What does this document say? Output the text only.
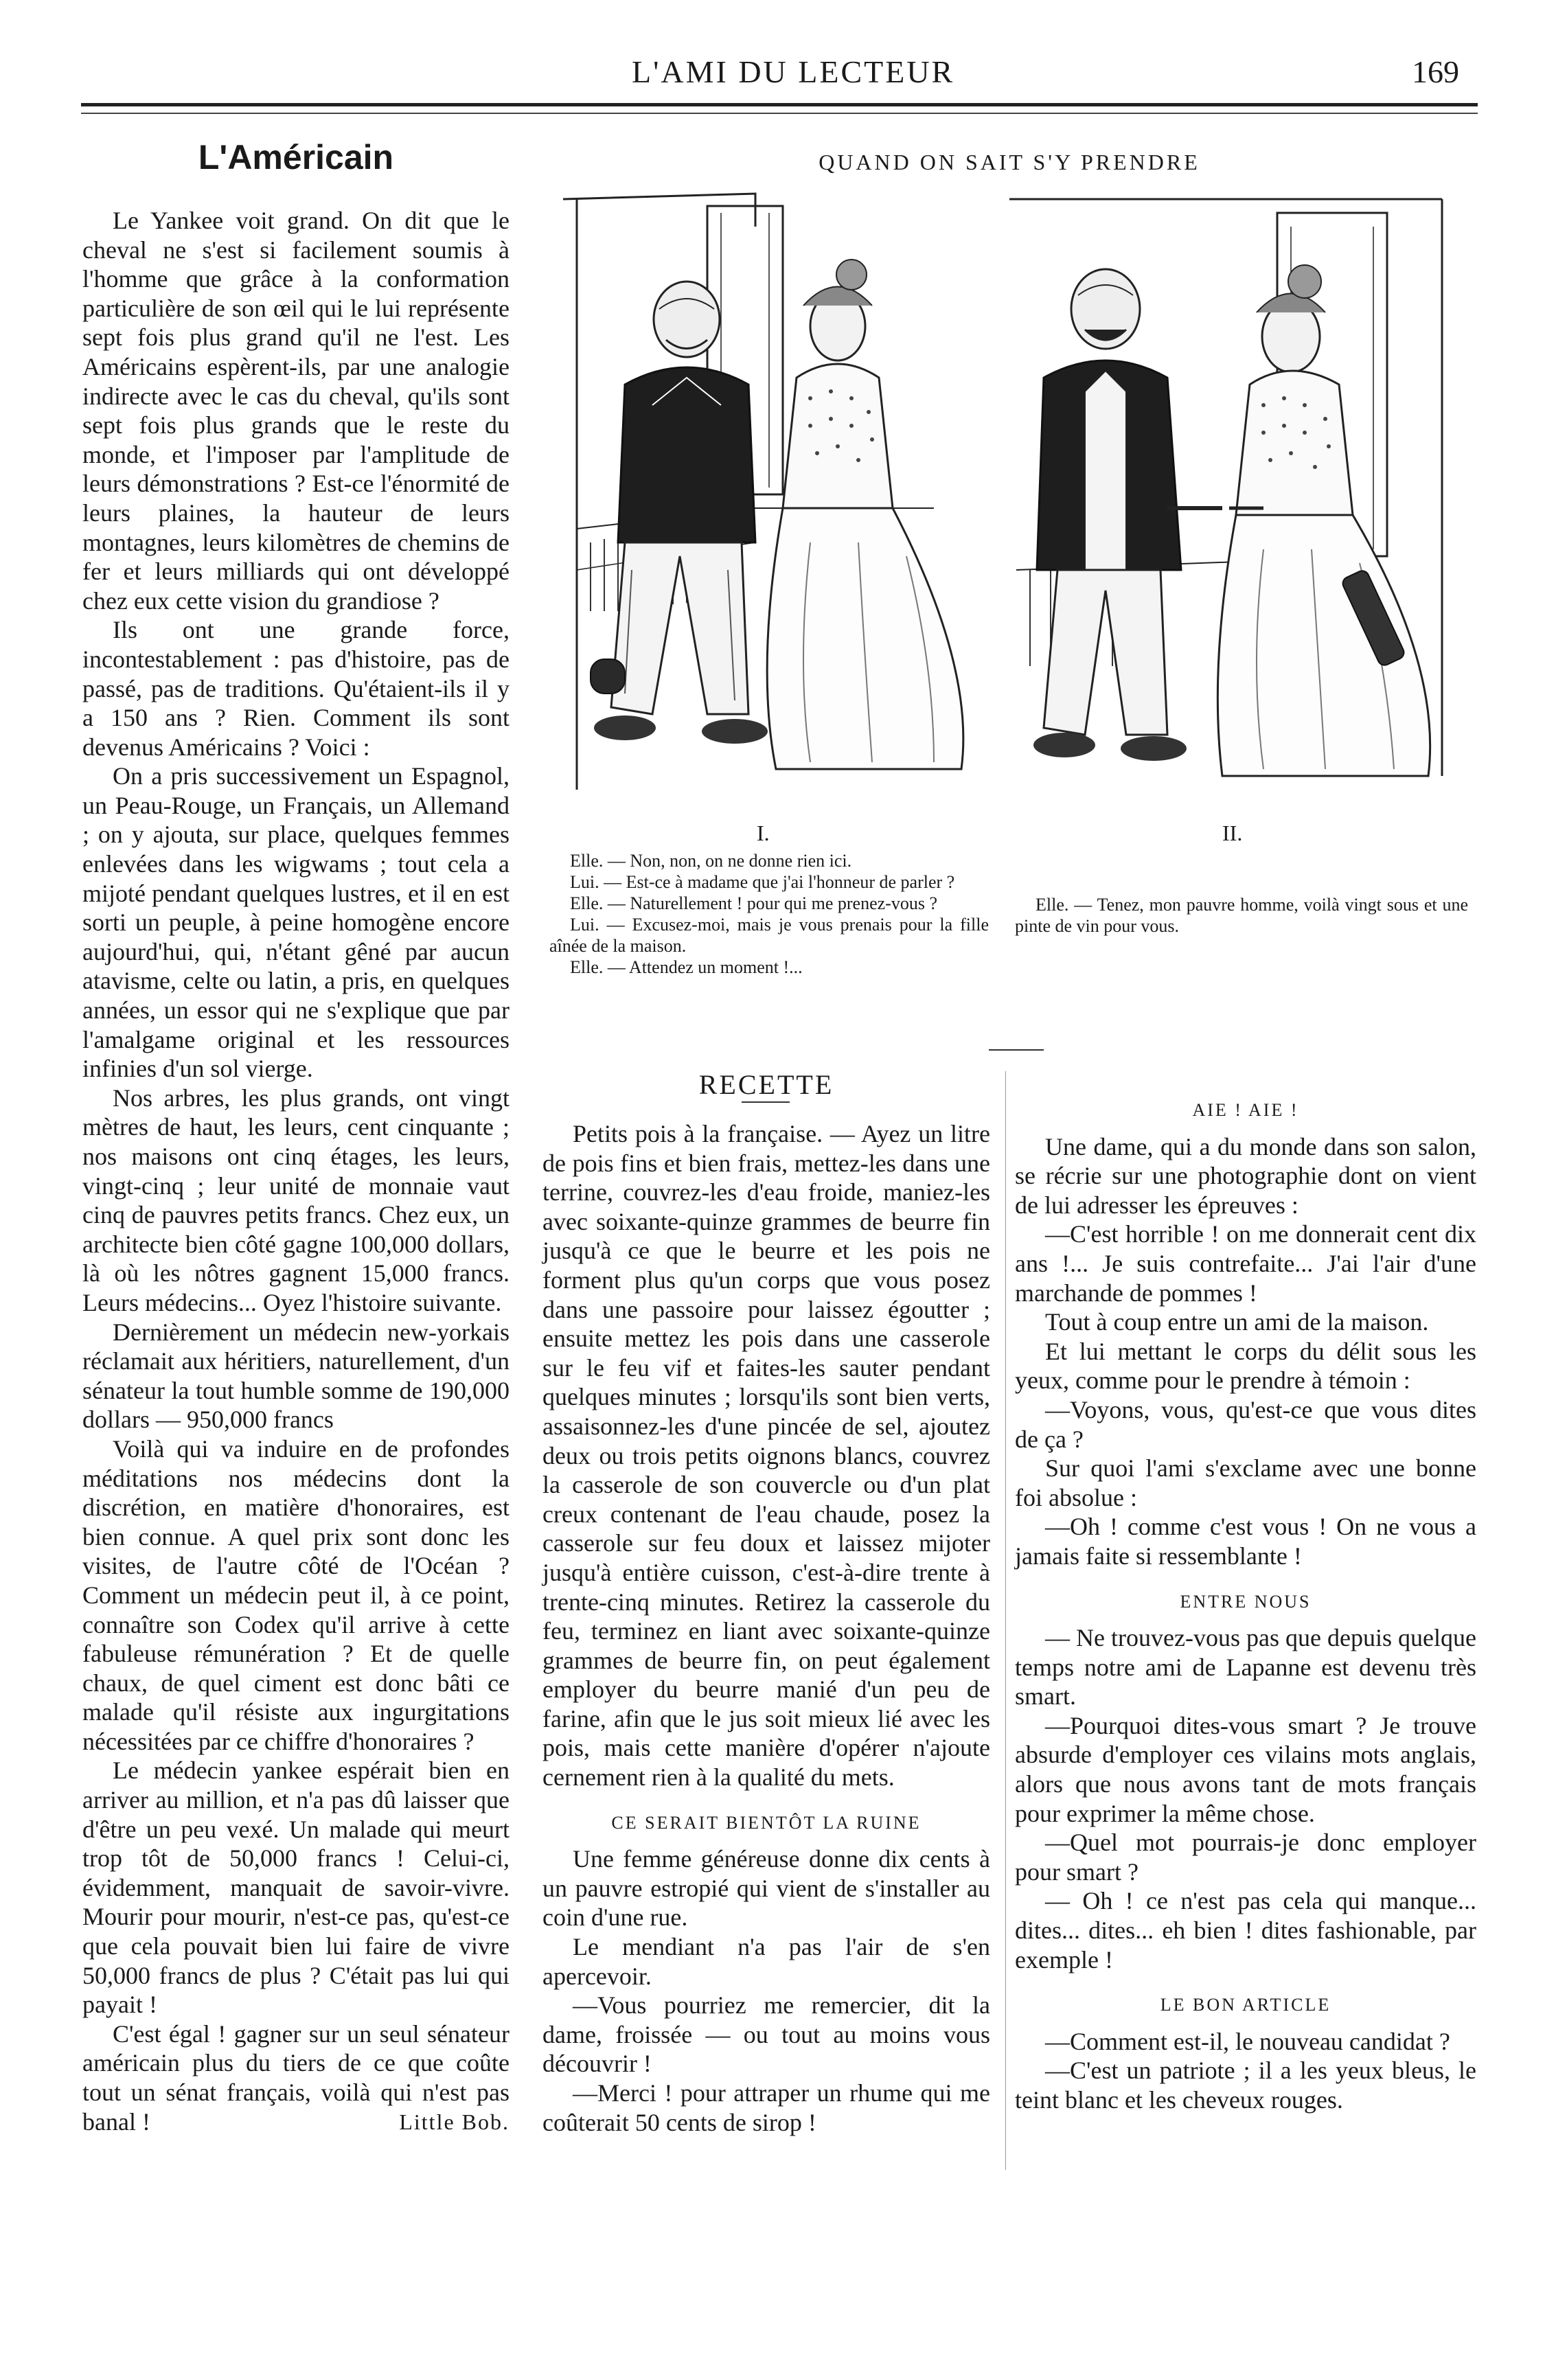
L'AMI DU LECTEUR	169
L'Américain

Le Yankee voit grand. On dit que le cheval ne s'est si facilement soumis à l'homme que grâce à la conformation particulière de son œil qui le lui représente sept fois plus grand qu'il ne l'est. Les Américains espèrent-ils, par une analogie indirecte avec le cas du cheval, qu'ils sont sept fois plus grands que le reste du monde, et l'imposer par l'amplitude de leurs démonstrations ? Est-ce l'énormité de leurs plaines, la hauteur de leurs montagnes, leurs kilomètres de chemins de fer et leurs milliards qui ont développé chez eux cette vision du grandiose ?

Ils ont une grande force, incontestablement : pas d'histoire, pas de passé, pas de traditions. Qu'étaient-ils il y a 150 ans ? Rien. Comment ils sont devenus Américains ? Voici :

On a pris successivement un Espagnol, un Peau-Rouge, un Français, un Allemand ; on y ajouta, sur place, quelques femmes enlevées dans les wigwams ; tout cela a mijoté pendant quelques lustres, et il en est sorti un peuple, à peine homogène encore aujourd'hui, qui, n'étant gêné par aucun atavisme, celte ou latin, a pris, en quelques années, un essor qui ne s'explique que par l'amalgame original et les ressources infinies d'un sol vierge.

Nos arbres, les plus grands, ont vingt mètres de haut, les leurs, cent cinquante ; nos maisons ont cinq étages, les leurs, vingt-cinq ; leur unité de monnaie vaut cinq de pauvres petits francs. Chez eux, un architecte bien côté gagne 100,000 dollars, là où les nôtres gagnent 15,000 francs. Leurs médecins... Oyez l'histoire suivante.

Dernièrement un médecin new-yorkais réclamait aux héritiers, naturellement, d'un sénateur la tout humble somme de 190,000 dollars — 950,000 francs

Voilà qui va induire en de profondes méditations nos médecins dont la discrétion, en matière d'honoraires, est bien connue. A quel prix sont donc les visites, de l'autre côté de l'Océan ? Comment un médecin peut il, à ce point, connaître son Codex qu'il arrive à cette fabuleuse rémunération ? Et de quelle chaux, de quel ciment est donc bâti ce malade qu'il résiste aux ingurgitations nécessitées par ce chiffre d'honoraires ?

Le médecin yankee espérait bien en arriver au million, et n'a pas dû laisser que d'être un peu vexé. Un malade qui meurt trop tôt de 50,000 francs ! Celui-ci, évidemment, manquait de savoir-vivre. Mourir pour mourir, n'est-ce pas, qu'est-ce que cela pouvait bien lui faire de vivre 50,000 francs de plus ? C'était pas lui qui payait !

C'est égal ! gagner sur un seul sénateur américain plus du tiers de ce que coûte tout un sénat français, voilà qui n'est pas banal !	Little Bob.

QUAND ON SAIT S'Y PRENDRE
I.	II.

Elle. — Non, non, on ne donne rien ici.

Lui. — Est-ce à madame que j'ai l'honneur de parler ?

Elle. — Naturellement ! pour qui me prenez-vous ?

Lui. — Excusez-moi, mais je vous prenais pour la fille aînée de la maison.

Elle. — Attendez un moment !...

Elle. — Tenez, mon pauvre homme, voilà vingt sous et une pinte de vin pour vous.

RECETTE

Petits pois à la française. — Ayez un litre de pois fins et bien frais, mettez-les dans une terrine, couvrez-les d'eau froide, maniez-les avec soixante-quinze grammes de beurre fin jusqu'à ce que le beurre et les pois ne forment plus qu'un corps que vous posez dans une passoire pour laissez égoutter ; ensuite mettez les pois dans une casserole sur le feu vif et faites-les sauter pendant quelques minutes ; lorsqu'ils sont bien verts, assaisonnez-les d'une pincée de sel, ajoutez deux ou trois petits oignons blancs, couvrez la casserole de son couvercle ou d'un plat creux contenant de l'eau chaude, posez la casserole sur feu doux et laissez mijoter jusqu'à entière cuisson, c'est-à-dire trente à trente-cinq minutes. Retirez la casserole du feu, terminez en liant avec soixante-quinze grammes de beurre fin, on peut également employer du beurre manié d'un peu de farine, afin que le jus soit mieux lié avec les pois, mais cette manière d'opérer n'ajoute cernement rien à la qualité du mets.

CE SERAIT BIENTÔT LA RUINE

Une femme généreuse donne dix cents à un pauvre estropié qui vient de s'installer au coin d'une rue.

Le mendiant n'a pas l'air de s'en apercevoir.

—Vous pourriez me remercier, dit la dame, froissée — ou tout au moins vous découvrir !

—Merci ! pour attraper un rhume qui me coûterait 50 cents de sirop !

AIE ! AIE !

Une dame, qui a du monde dans son salon, se récrie sur une photographie dont on vient de lui adresser les épreuves :

—C'est horrible ! on me donnerait cent dix ans !... Je suis contrefaite... J'ai l'air d'une marchande de pommes !

Tout à coup entre un ami de la maison.

Et lui mettant le corps du délit sous les yeux, comme pour le prendre à témoin :

—Voyons, vous, qu'est-ce que vous dites de ça ?

Sur quoi l'ami s'exclame avec une bonne foi absolue :

—Oh ! comme c'est vous ! On ne vous a jamais faite si ressemblante !

ENTRE NOUS

— Ne trouvez-vous pas que depuis quelque temps notre ami de Lapanne est devenu très smart.

—Pourquoi dites-vous smart ? Je trouve absurde d'employer ces vilains mots anglais, alors que nous avons tant de mots français pour exprimer la même chose.

—Quel mot pourrais-je donc employer pour smart ?

— Oh ! ce n'est pas cela qui manque... dites... dites... eh bien ! dites fashionable, par exemple !

LE BON ARTICLE

—Comment est-il, le nouveau candidat ?

—C'est un patriote ; il a les yeux bleus, le teint blanc et les cheveux rouges.
